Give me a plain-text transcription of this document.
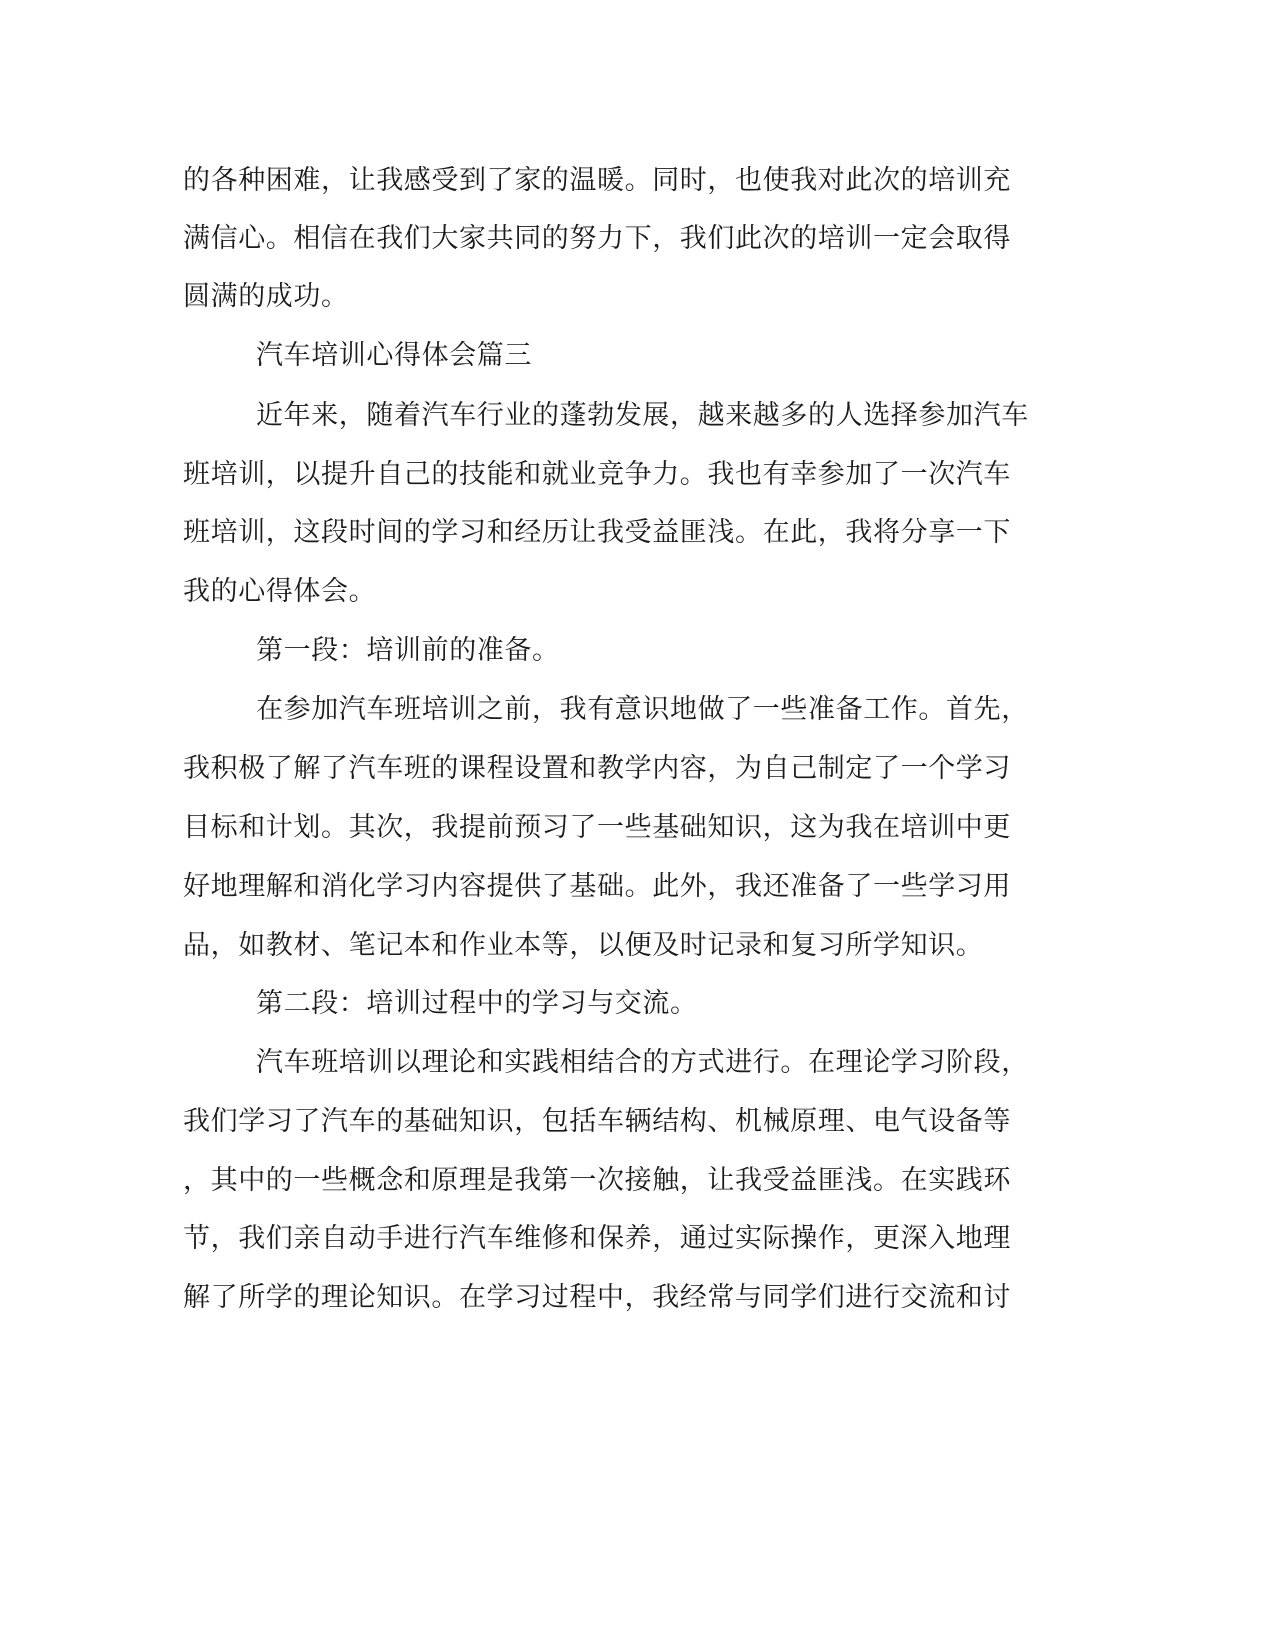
的各种困难，让我感受到了家的温暖。同时，也使我对此次的培训充
满信心。相信在我们大家共同的努力下，我们此次的培训一定会取得
圆满的成功。
汽车培训心得体会篇三
近年来，随着汽车行业的蓬勃发展，越来越多的人选择参加汽车
班培训，以提升自己的技能和就业竞争力。我也有幸参加了一次汽车
班培训，这段时间的学习和经历让我受益匪浅。在此，我将分享一下
我的心得体会。
第一段：培训前的准备。
在参加汽车班培训之前，我有意识地做了一些准备工作。首先，
我积极了解了汽车班的课程设置和教学内容，为自己制定了一个学习
目标和计划。其次，我提前预习了一些基础知识，这为我在培训中更
好地理解和消化学习内容提供了基础。此外，我还准备了一些学习用
品，如教材、笔记本和作业本等，以便及时记录和复习所学知识。
第二段：培训过程中的学习与交流。
汽车班培训以理论和实践相结合的方式进行。在理论学习阶段，
我们学习了汽车的基础知识，包括车辆结构、机械原理、电气设备等
，其中的一些概念和原理是我第一次接触，让我受益匪浅。在实践环
节，我们亲自动手进行汽车维修和保养，通过实际操作，更深入地理
解了所学的理论知识。在学习过程中，我经常与同学们进行交流和讨
